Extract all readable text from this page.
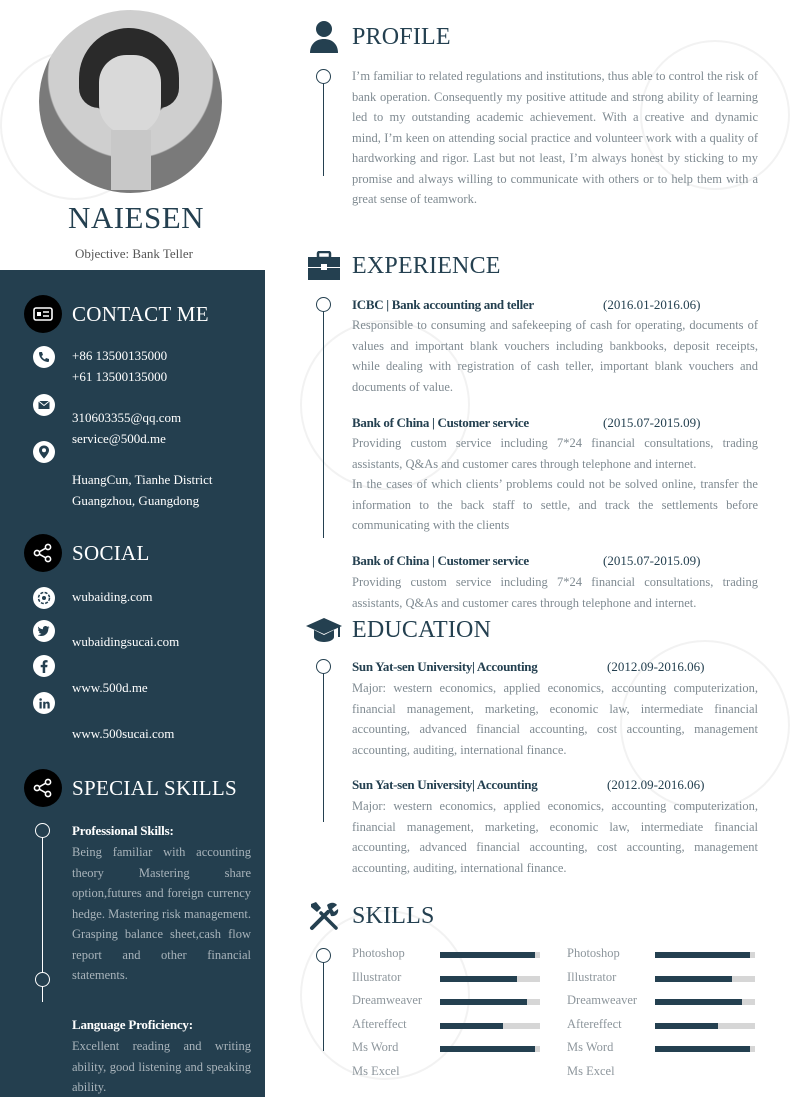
NAIESEN
Objective: Bank Teller
CONTACT ME
+86 13500135000
+61 13500135000
310603355@qq.com
service@500d.me
HuangCun, Tianhe District
Guangzhou, Guangdong
SOCIAL
wubaiding.com
wubaidingsucai.com
www.500d.me
www.500sucai.com
SPECIAL SKILLS
Professional Skills:
Being familiar with accounting theory Mastering share option,futures and foreign currency hedge. Mastering risk management. Grasping balance sheet,cash flow report and other financial statements.
Language Proficiency:
Excellent reading and writing ability, good listening and speaking ability.
PROFILE
I’m familiar to related regulations and institutions, thus able to control the risk of bank operation. Consequently my positive attitude and strong ability of learning led to my outstanding academic achievement. With a creative and dynamic mind, I’m keen on attending social practice and volunteer work with a quality of hardworking and rigor. Last but not least, I’m always honest by sticking to my promise and always willing to communicate with others or to help them with a great sense of teamwork.
EXPERIENCE
ICBC | Bank accounting and teller	(2016.01-2016.06)
Responsible to consuming and safekeeping of cash for operating, documents of values and important blank vouchers including bankbooks, deposit receipts, while dealing with registration of cash teller, important blank vouchers and documents of value.
Bank of China | Customer service	(2015.07-2015.09)
Providing custom service including 7*24 financial consultations, trading assistants, Q&As and customer cares through telephone and internet.
In the cases of which clients’ problems could not be solved online, transfer the information to the back staff to settle, and track the settlements before communicating with the clients
Bank of China | Customer service	(2015.07-2015.09)
Providing custom service including 7*24 financial consultations, trading assistants, Q&As and customer cares through telephone and internet.
EDUCATION
Sun Yat-sen University| Accounting	(2012.09-2016.06)
Major: western economics, applied economics, accounting computerization, financial management, marketing, economic law, intermediate financial accounting, advanced financial accounting, cost accounting, management accounting, auditing, international finance.
Sun Yat-sen University| Accounting	(2012.09-2016.06)
Major: western economics, applied economics, accounting computerization, financial management, marketing, economic law, intermediate financial accounting, advanced financial accounting, cost accounting, management accounting, auditing, international finance.
SKILLS
Photoshop
Illustrator
Dreamweaver
Aftereffect
Ms Word
Ms Excel
Photoshop
Illustrator
Dreamweaver
Aftereffect
Ms Word
Ms Excel
